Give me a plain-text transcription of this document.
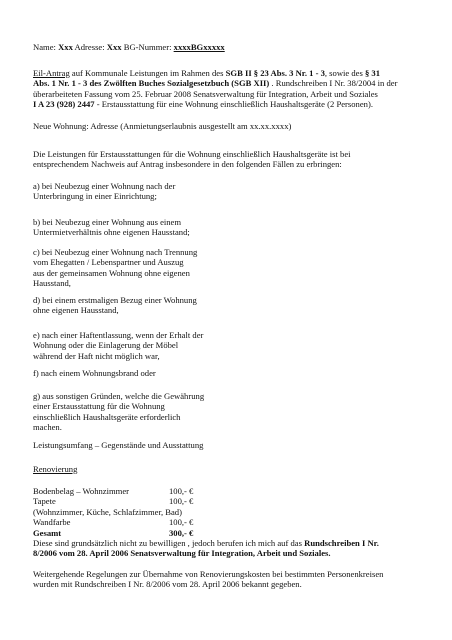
Name: Xxx Adresse: Xxx BG-Nummer: xxxxBGxxxxx
Eil-Antrag auf Kommunale Leistungen im Rahmen des SGB II § 23 Abs. 3 Nr. 1 - 3, sowie des § 31
Abs. 1 Nr. 1 - 3 des Zwölften Buches Sozialgesetzbuch (SGB XII) . Rundschreiben I Nr. 38/2004 in der
überarbeiteten Fassung vom 25. Februar 2008 Senatsverwaltung für Integration, Arbeit und Soziales
I A 23 (928) 2447 - Erstausstattung für eine Wohnung einschließlich Haushaltsgeräte (2 Personen).
Neue Wohnung: Adresse (Anmietungserlaubnis ausgestellt am xx.xx.xxxx)
Die Leistungen für Erstausstattungen für die Wohnung einschließlich Haushaltsgeräte ist bei
entsprechendem Nachweis auf Antrag insbesondere in den folgenden Fällen zu erbringen:
a) bei Neubezug einer Wohnung nach der
Unterbringung in einer Einrichtung;
b) bei Neubezug einer Wohnung aus einem
Untermietverhältnis ohne eigenen Hausstand;
c) bei Neubezug einer Wohnung nach Trennung
vom Ehegatten / Lebenspartner und Auszug
aus der gemeinsamen Wohnung ohne eigenen
Hausstand,
d) bei einem erstmaligen Bezug einer Wohnung
ohne eigenen Hausstand,
e) nach einer Haftentlassung, wenn der Erhalt der
Wohnung oder die Einlagerung der Möbel
während der Haft nicht möglich war,
f) nach einem Wohnungsbrand oder
g) aus sonstigen Gründen, welche die Gewährung
einer Erstausstattung für die Wohnung
einschließlich Haushaltsgeräte erforderlich
machen.
Leistungsumfang – Gegenstände und Ausstattung
Renovierung
Bodenbelag – Wohnzimmer	100,- €
Tapete	100,- €
(Wohnzimmer, Küche, Schlafzimmer, Bad)
Wandfarbe	100,- €
Gesamt	300,- €
Diese sind grundsätzlich nicht zu bewilligen , jedoch berufen ich mich auf das Rundschreiben I Nr.
8/2006 vom 28. April 2006 Senatsverwaltung für Integration, Arbeit und Soziales.
Weitergehende Regelungen zur Übernahme von Renovierungskosten bei bestimmten Personenkreisen
wurden mit Rundschreiben I Nr. 8/2006 vom 28. April 2006 bekannt gegeben.
